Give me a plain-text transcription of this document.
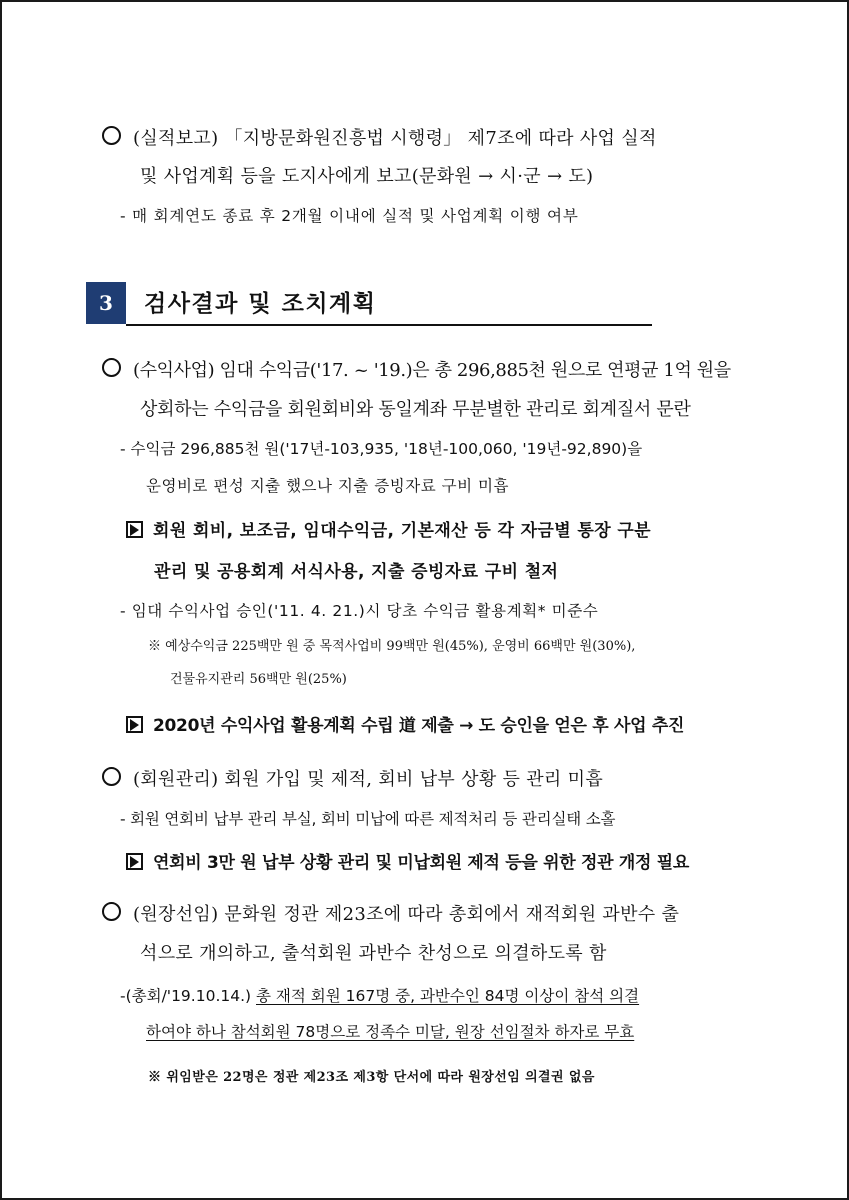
(실적보고) 「지방문화원진흥법 시행령」 제7조에 따라 사업 실적
및 사업계획 등을 도지사에게 보고(문화원 → 시·군 → 도)
- 매 회계연도 종료 후 2개월 이내에 실적 및 사업계획 이행 여부
3	검사결과 및 조치계획
(수익사업) 임대 수익금('17. ~ '19.)은 총 296,885천 원으로 연평균 1억 원을
상회하는 수익금을 회원회비와 동일계좌 무분별한 관리로 회계질서 문란
- 수익금 296,885천 원('17년-103,935, '18년-100,060, '19년-92,890)을
운영비로 편성 지출 했으나 지출 증빙자료 구비 미흡
회원 회비, 보조금, 임대수익금, 기본재산 등 각 자금별 통장 구분
관리 및 공용회계 서식사용, 지출 증빙자료 구비 철저
- 임대 수익사업 승인('11. 4. 21.)시 당초 수익금 활용계획* 미준수
※ 예상수익금 225백만 원 중 목적사업비 99백만 원(45%), 운영비 66백만 원(30%),
건물유지관리 56백만 원(25%)
2020년 수익사업 활용계획 수립 道 제출 → 도 승인을 얻은 후 사업 추진
(회원관리) 회원 가입 및 제적, 회비 납부 상황 등 관리 미흡
- 회원 연회비 납부 관리 부실, 회비 미납에 따른 제적처리 등 관리실태 소홀
연회비 3만 원 납부 상황 관리 및 미납회원 제적 등을 위한 정관 개정 필요
(원장선임) 문화원 정관 제23조에 따라 총회에서 재적회원 과반수 출
석으로 개의하고, 출석회원 과반수 찬성으로 의결하도록 함
-(총회/'19.10.14.) 총 재적 회원 167명 중, 과반수인 84명 이상이 참석 의결
하여야 하나 참석회원 78명으로 정족수 미달, 원장 선임절차 하자로 무효
※ 위임받은 22명은 정관 제23조 제3항 단서에 따라 원장선임 의결권 없음
